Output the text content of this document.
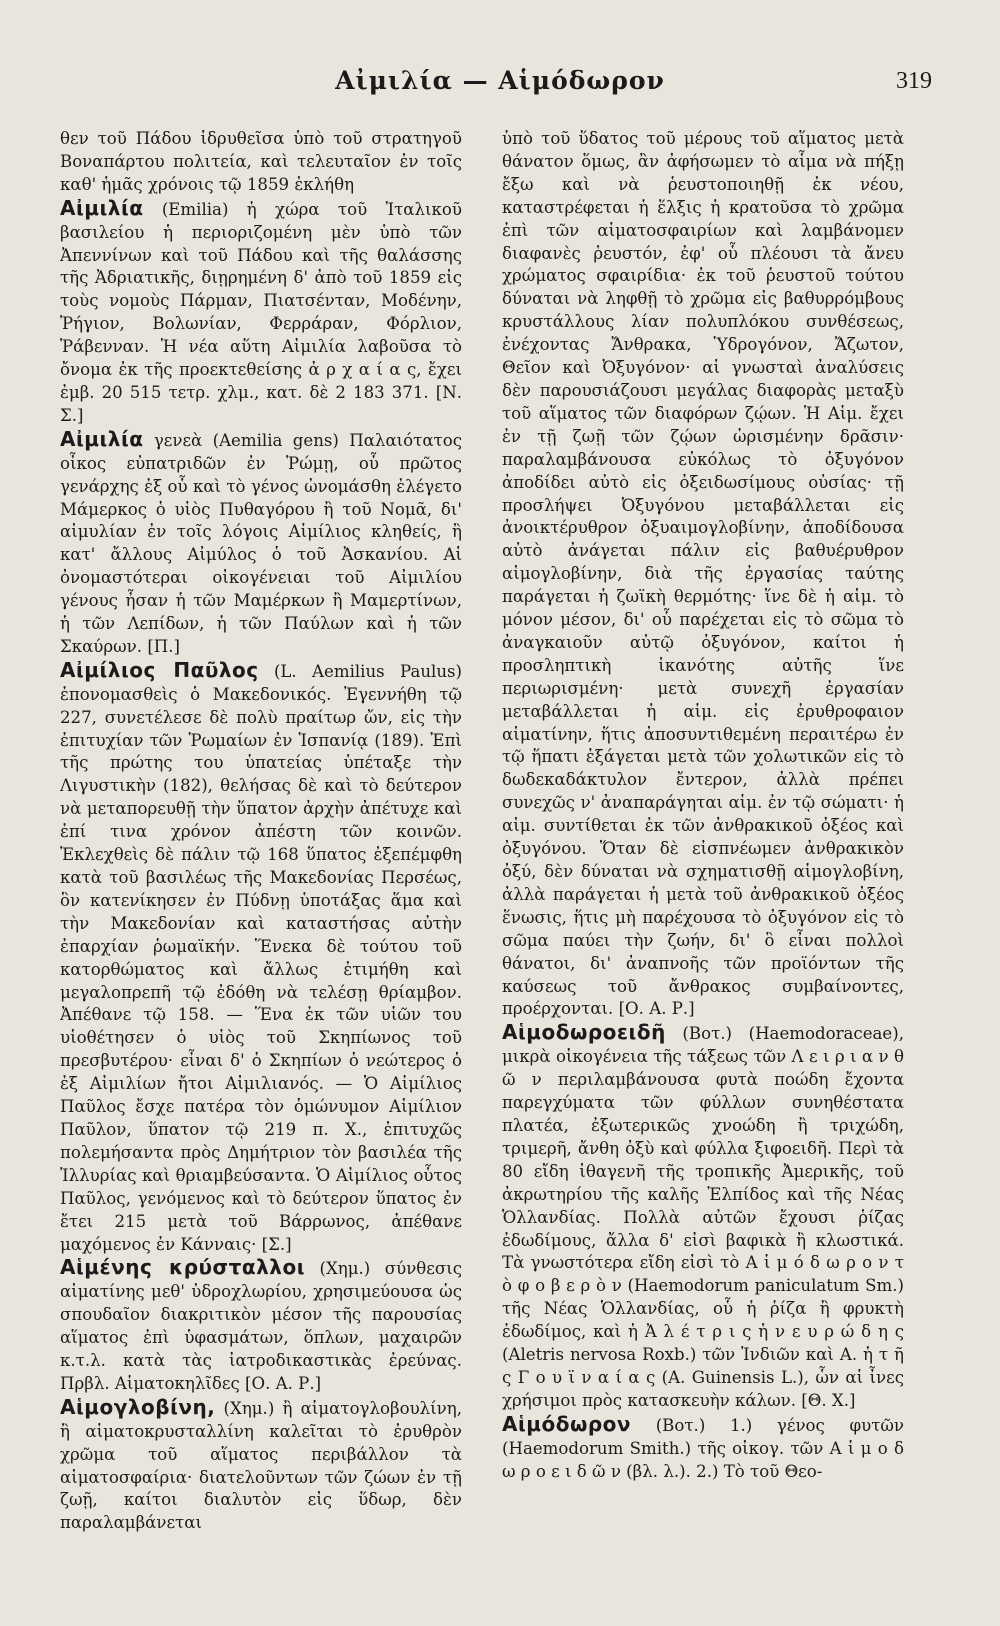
Αἰμιλία — Αἱμόδωρον	319

θεν τοῦ Πάδου ἱδρυθεῖσα ὑπὸ τοῦ στρατηγοῦ Βοναπάρτου πολιτεία, καὶ τελευταῖον ἐν τοῖς καθ' ἡμᾶς χρόνοις τῷ 1859 ἐκλήθη

Αἰμιλία (Emilia) ἡ χώρα τοῦ Ἰταλικοῦ βασιλείου ἡ περιοριζομένη μὲν ὑπὸ τῶν Ἀπεννίνων καὶ τοῦ Πάδου καὶ τῆς θαλάσσης τῆς Ἀδριατικῆς, διῃρημένη δ' ἀπὸ τοῦ 1859 εἰς τοὺς νομοὺς Πάρμαν, Πιατσένταν, Μοδένην, Ῥήγιον, Βολωνίαν, Φερράραν, Φόρλιον, Ῥάβενναν. Ἡ νέα αὕτη Αἰμιλία λαβοῦσα τὸ ὄνομα ἐκ τῆς προεκτεθείσης ἀ ρ χ α ί α ς, ἔχει ἐμβ. 20 515 τετρ. χλμ., κατ. δὲ 2 183 371. [Ν. Σ.]

Αἰμιλία γενεὰ (Aemilia gens) Παλαιότατος οἶκος εὐπατριδῶν ἐν Ῥώμῃ, οὗ πρῶτος γενάρχης ἐξ οὗ καὶ τὸ γένος ὠνομάσθη ἐλέγετο Μάμερκος ὁ υἱὸς Πυθαγόρου ἢ τοῦ Νομᾶ, δι' αἱμυλίαν ἐν τοῖς λόγοις Αἰμίλιος κληθείς, ἢ κατ' ἄλλους Αἰμύλος ὁ τοῦ Ἀσκανίου. Αἱ ὀνομαστότεραι οἰκογένειαι τοῦ Αἰμιλίου γένους ἦσαν ἡ τῶν Μαμέρκων ἢ Μαμερτίνων, ἡ τῶν Λεπίδων, ἡ τῶν Παύλων καὶ ἡ τῶν Σκαύρων. [Π.]

Αἰμίλιος Παῦλος (L. Aemilius Paulus) ἐπονομασθεὶς ὁ Μακεδονικός. Ἐγεννήθη τῷ 227, συνετέλεσε δὲ πολὺ πραίτωρ ὤν, εἰς τὴν ἐπιτυχίαν τῶν Ῥωμαίων ἐν Ἱσπανίᾳ (189). Ἐπὶ τῆς πρώτης του ὑπατείας ὑπέταξε τὴν Λιγυστικὴν (182), θελήσας δὲ καὶ τὸ δεύτερον νὰ μεταπορευθῇ τὴν ὕπατον ἀρχὴν ἀπέτυχε καὶ ἐπί τινα χρόνον ἀπέστη τῶν κοινῶν. Ἐκλεχθεὶς δὲ πάλιν τῷ 168 ὕπατος ἐξεπέμφθη κατὰ τοῦ βασιλέως τῆς Μακεδονίας Περσέως, ὃν κατενίκησεν ἐν Πύδνῃ ὑποτάξας ἅμα καὶ τὴν Μακεδονίαν καὶ καταστήσας αὐτὴν ἐπαρχίαν ῥωμαϊκήν. Ἕνεκα δὲ τούτου τοῦ κατορθώματος καὶ ἄλλως ἐτιμήθη καὶ μεγαλοπρεπῆ τῷ ἐδόθη νὰ τελέσῃ θρίαμβον. Ἀπέθανε τῷ 158. — Ἕνα ἐκ τῶν υἱῶν του υἱοθέτησεν ὁ υἱὸς τοῦ Σκηπίωνος τοῦ πρεσβυτέρου· εἶναι δ' ὁ Σκηπίων ὁ νεώτερος ὁ ἐξ Αἰμιλίων ἤτοι Αἰμιλιανός. — Ὁ Αἰμίλιος Παῦλος ἔσχε πατέρα τὸν ὁμώνυμον Αἰμίλιον Παῦλον, ὕπατον τῷ 219 π. Χ., ἐπιτυχῶς πολεμήσαντα πρὸς Δημήτριον τὸν βασιλέα τῆς Ἰλλυρίας καὶ θριαμβεύσαντα. Ὁ Αἰμίλιος οὗτος Παῦλος, γενόμενος καὶ τὸ δεύτερον ὕπατος ἐν ἔτει 215 μετὰ τοῦ Βάρρωνος, ἀπέθανε μαχόμενος ἐν Κάνναις· [Σ.]

Αἱμένης κρύσταλλοι (Χημ.) σύνθεσις αἱματίνης μεθ' ὑδροχλωρίου, χρησιμεύουσα ὡς σπουδαῖον διακριτικὸν μέσον τῆς παρουσίας αἵματος ἐπὶ ὑφασμάτων, ὅπλων, μαχαιρῶν κ.τ.λ. κατὰ τὰς ἰατροδικαστικὰς ἐρεύνας. Πρβλ. Αἱματοκηλῖδες [Ο. Α. Ρ.]

Αἱμογλοβίνη, (Χημ.) ἢ αἱματογλοβουλίνη, ἢ αἱματοκρυσταλλίνη καλεῖται τὸ ἐρυθρὸν χρῶμα τοῦ αἵματος περιβάλλον τὰ αἱματοσφαίρια· διατελοῦντων τῶν ζώων ἐν τῇ ζωῇ, καίτοι διαλυτὸν εἰς ὕδωρ, δὲν παραλαμβάνεται

ὑπὸ τοῦ ὕδατος τοῦ μέρους τοῦ αἵματος μετὰ θάνατον ὅμως, ἂν ἀφήσωμεν τὸ αἷμα νὰ πήξῃ ἔξω καὶ νὰ ῥευστοποιηθῇ ἐκ νέου, καταστρέφεται ἡ ἕλξις ἡ κρατοῦσα τὸ χρῶμα ἐπὶ τῶν αἱματοσφαιρίων καὶ λαμβάνομεν διαφανὲς ῥευστόν, ἐφ' οὗ πλέουσι τὰ ἄνευ χρώματος σφαιρίδια· ἐκ τοῦ ῥευστοῦ τούτου δύναται νὰ ληφθῇ τὸ χρῶμα εἰς βαθυρρόμβους κρυστάλλους λίαν πολυπλόκου συνθέσεως, ἐνέχοντας Ἄνθρακα, Ὑδρογόνον, Ἄζωτον, Θεῖον καὶ Ὀξυγόνον· αἱ γνωσταὶ ἀναλύσεις δὲν παρουσιάζουσι μεγάλας διαφορὰς μεταξὺ τοῦ αἵματος τῶν διαφόρων ζῴων. Ἡ Αἱμ. ἔχει ἐν τῇ ζωῇ τῶν ζῴων ὡρισμένην δρᾶσιν· παραλαμβάνουσα εὐκόλως τὸ ὀξυγόνον ἀποδίδει αὐτὸ εἰς ὀξειδωσίμους οὐσίας· τῇ προσλήψει Ὀξυγόνου μεταβάλλεται εἰς ἀνοικτέρυθρον ὀξυαιμογλοβίνην, ἀποδίδουσα αὐτὸ ἀνάγεται πάλιν εἰς βαθυέρυθρον αἱμογλοβίνην, διὰ τῆς ἐργασίας ταύτης παράγεται ἡ ζωϊκὴ θερμότης· ἵνε δὲ ἡ αἱμ. τὸ μόνον μέσον, δι' οὗ παρέχεται εἰς τὸ σῶμα τὸ ἀναγκαιοῦν αὐτῷ ὀξυγόνον, καίτοι ἡ προσληπτικὴ ἱκανότης αὐτῆς ἵνε περιωρισμένη· μετὰ συνεχῆ ἐργασίαν μεταβάλλεται ἡ αἱμ. εἰς ἐρυθροφαιον αἱματίνην, ἥτις ἀποσυντιθεμένη περαιτέρω ἐν τῷ ἥπατι ἐξάγεται μετὰ τῶν χολωτικῶν εἰς τὸ δωδεκαδάκτυλον ἔντερον, ἀλλὰ πρέπει συνεχῶς ν' ἀναπαράγηται αἱμ. ἐν τῷ σώματι· ἡ αἱμ. συντίθεται ἐκ τῶν ἀνθρακικοῦ ὀξέος καὶ ὀξυγόνου. Ὅταν δὲ εἰσπνέωμεν ἀνθρακικὸν ὀξύ, δὲν δύναται νὰ σχηματισθῇ αἱμογλοβίνη, ἀλλὰ παράγεται ἡ μετὰ τοῦ ἀνθρακικοῦ ὀξέος ἕνωσις, ἥτις μὴ παρέχουσα τὸ ὀξυγόνον εἰς τὸ σῶμα παύει τὴν ζωήν, δι' ὃ εἶναι πολλοὶ θάνατοι, δι' ἀναπνοῆς τῶν προϊόντων τῆς καύσεως τοῦ ἄνθρακος συμβαίνοντες, προέρχονται. [Ο. Α. Ρ.]

Αἱμοδωροειδῆ (Βοτ.) (Haemodoraceae), μικρὰ οἰκογένεια τῆς τάξεως τῶν Λ ε ι ρ ι α ν θ ῶ ν περιλαμβάνουσα φυτὰ ποώδη ἔχοντα παρεγχύματα τῶν φύλλων συνηθέστατα πλατέα, ἐξωτερικῶς χνοώδη ἢ τριχώδη, τριμερῆ, ἄνθη ὀξὺ καὶ φύλλα ξιφοειδῆ. Περὶ τὰ 80 εἴδη ἰθαγενῆ τῆς τροπικῆς Ἀμερικῆς, τοῦ ἀκρωτηρίου τῆς καλῆς Ἐλπίδος καὶ τῆς Νέας Ὁλλανδίας. Πολλὰ αὐτῶν ἔχουσι ῥίζας ἐδωδίμους, ἄλλα δ' εἰσὶ βαφικὰ ἢ κλωστικά. Τὰ γνωστότερα εἴδη εἰσὶ τὸ Α ἱ μ ό δ ω ρ ο ν τ ὸ φ ο β ε ρ ὸ ν (Haemodorum paniculatum Sm.) τῆς Νέας Ὁλλανδίας, οὗ ἡ ῥίζα ἢ φρυκτὴ ἐδωδίμος, καὶ ἡ Ἀ λ έ τ ρ ι ς ἡ ν ε υ ρ ώ δ η ς (Aletris nervosa Roxb.) τῶν Ἰνδιῶν καὶ Α. ἡ τ ῆ ς Γ ο υ ϊ ν α ί α ς (A. Guinensis L.), ὧν αἱ ἶνες χρήσιμοι πρὸς κατασκευὴν κάλων. [Θ. Χ.]

Αἱμόδωρον (Βοτ.) 1.) γένος φυτῶν (Haemodorum Smith.) τῆς οἰκογ. τῶν Α ἱ μ ο δ ω ρ ο ε ι δ ῶ ν (βλ. λ.). 2.) Τὸ τοῦ Θεο-
